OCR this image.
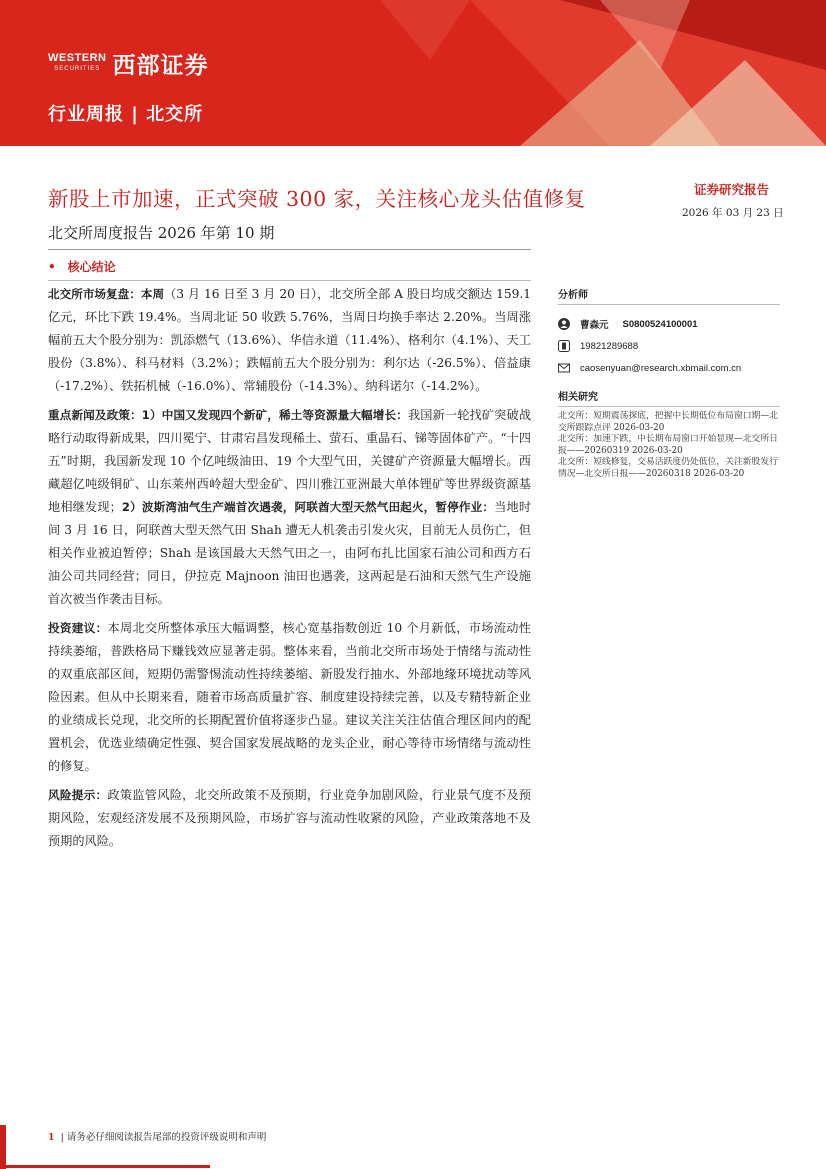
WESTERN
SECURITIES 西部证券
行业周报 | 北交所
新股上市加速，正式突破 300 家，关注核心龙头估值修复	证券研究报告
2026 年 03 月 23 日
北交所周度报告 2026 年第 10 期
• 核心结论

北交所市场复盘：本周（3 月 16 日至 3 月 20 日），北交所全部 A 股日均成交额达 159.1 亿元，环比下跌 19.4%。当周北证 50 收跌 5.76%，当周日均换手率达 2.20%。当周涨幅前五大个股分别为：凯添燃气（13.6%）、华信永道（11.4%）、格利尔（4.1%）、天工股份（3.8%）、科马材料（3.2%）；跌幅前五大个股分别为：利尔达（-26.5%）、倍益康（-17.2%）、铁拓机械（-16.0%）、常辅股份（-14.3%）、纳科诺尔（-14.2%）。

重点新闻及政策：1）中国又发现四个新矿，稀土等资源量大幅增长：我国新一轮找矿突破战略行动取得新成果，四川冕宁、甘肃宕昌发现稀土、萤石、重晶石、锑等固体矿产。“十四五”时期，我国新发现 10 个亿吨级油田、19 个大型气田，关键矿产资源量大幅增长。西藏超亿吨级铜矿、山东莱州西岭超大型金矿、四川雅江亚洲最大单体锂矿等世界级资源基地相继发现；2）波斯湾油气生产端首次遇袭，阿联酋大型天然气田起火，暂停作业：当地时间 3 月 16 日，阿联酋大型天然气田 Shah 遭无人机袭击引发火灾，目前无人员伤亡，但相关作业被迫暂停；Shah 是该国最大天然气田之一，由阿布扎比国家石油公司和西方石油公司共同经营；同日，伊拉克 Majnoon 油田也遇袭，这两起是石油和天然气生产设施首次被当作袭击目标。

投资建议：本周北交所整体承压大幅调整，核心宽基指数创近 10 个月新低，市场流动性持续萎缩，普跌格局下赚钱效应显著走弱。整体来看，当前北交所市场处于情绪与流动性的双重底部区间，短期仍需警惕流动性持续萎缩、新股发行抽水、外部地缘环境扰动等风险因素。但从中长期来看，随着市场高质量扩容、制度建设持续完善，以及专精特新企业的业绩成长兑现，北交所的长期配置价值将逐步凸显。建议关注关注估值合理区间内的配置机会，优选业绩确定性强、契合国家发展战略的龙头企业，耐心等待市场情绪与流动性的修复。

风险提示：政策监管风险，北交所政策不及预期，行业竞争加剧风险，行业景气度不及预期风险，宏观经济发展不及预期风险，市场扩容与流动性收紧的风险，产业政策落地不及预期的风险。

分析师
曹森元 S0800524100001
19821289688
caosenyuan@research.xbmail.com.cn
相关研究
北交所：短期震荡探底，把握中长期低位布局窗口期—北交所跟踪点评 2026-03-20
北交所：加速下跌，中长期布局窗口开始显现—北交所日报——20260319 2026-03-20
北交所：短线修复，交易活跃度仍处低位，关注新股发行情况—北交所日报——20260318 2026-03-20
1 | 请务必仔细阅读报告尾部的投资评级说明和声明
